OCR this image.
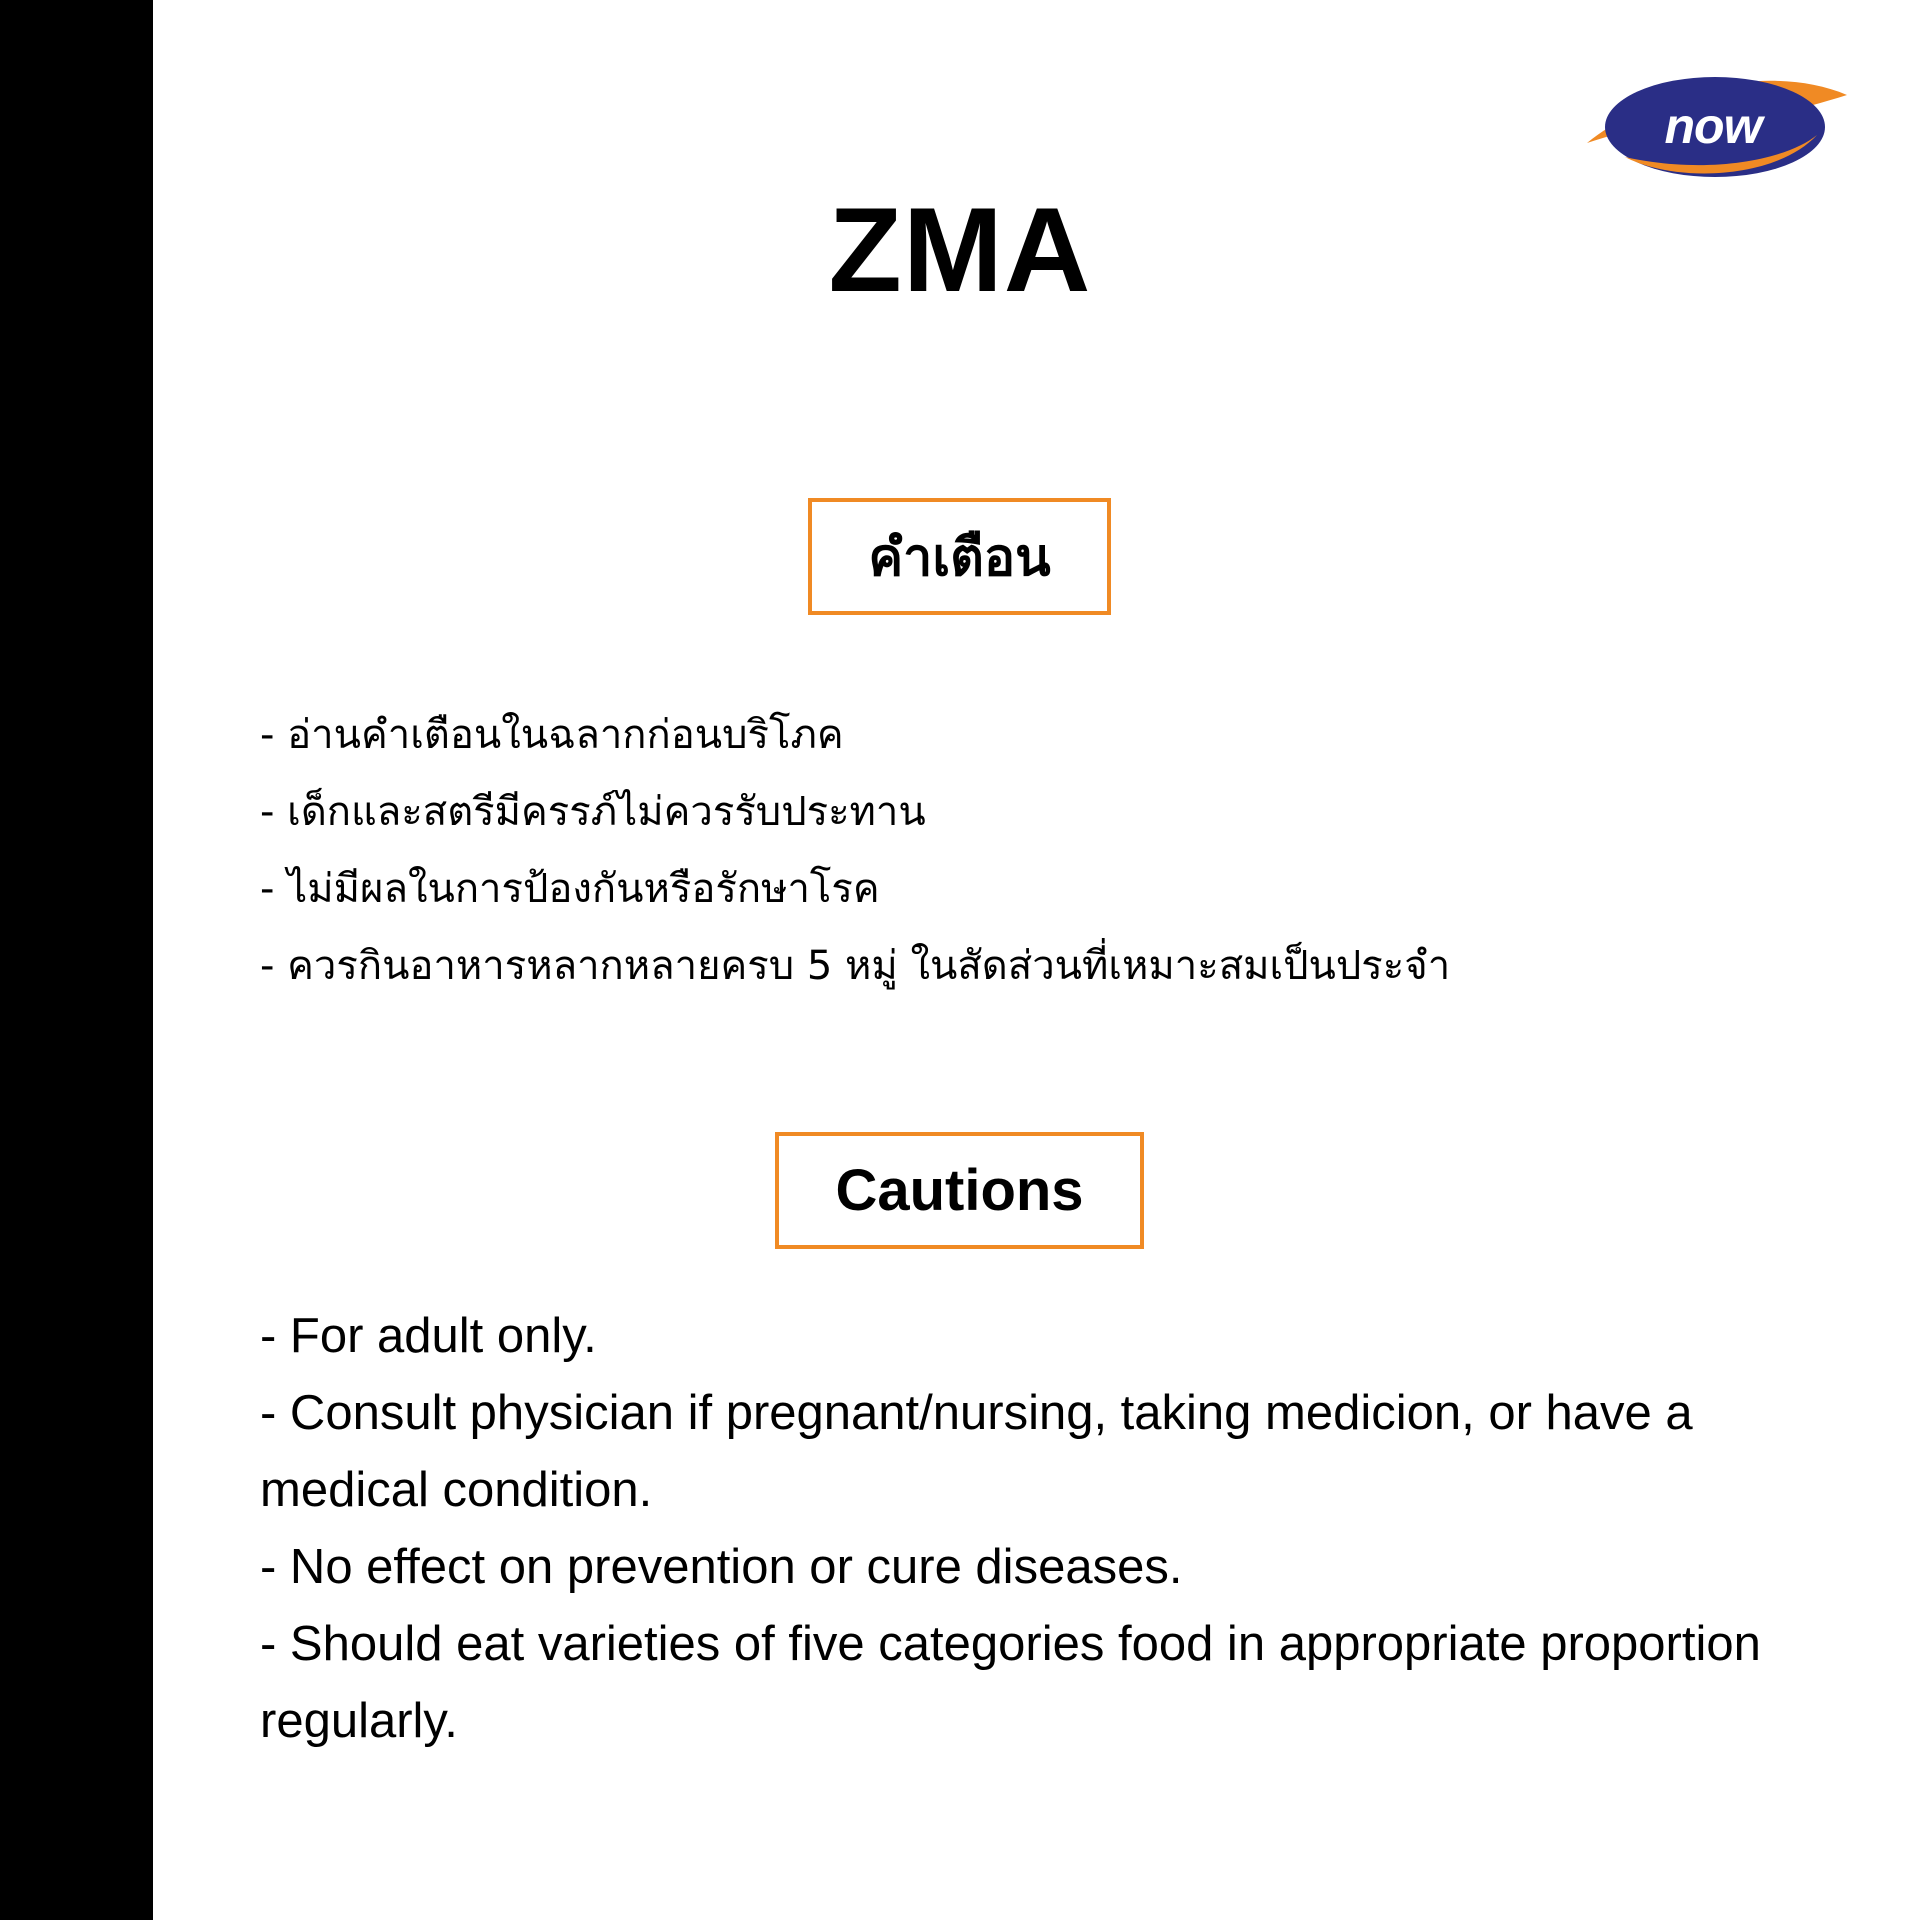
now
ZMA
คำเตือน
- อ่านคำเตือนในฉลากก่อนบริโภค
- เด็กและสตรีมีครรภ์ไม่ควรรับประทาน
- ไม่มีผลในการป้องกันหรือรักษาโรค
- ควรกินอาหารหลากหลายครบ 5 หมู่ ในสัดส่วนที่เหมาะสมเป็นประจำ
Cautions
- For adult only.
- Consult physician if pregnant/nursing, taking medicion, or have a medical condition.
- No effect on prevention or cure diseases.
- Should eat varieties of five categories food in appropriate proportion regularly.
